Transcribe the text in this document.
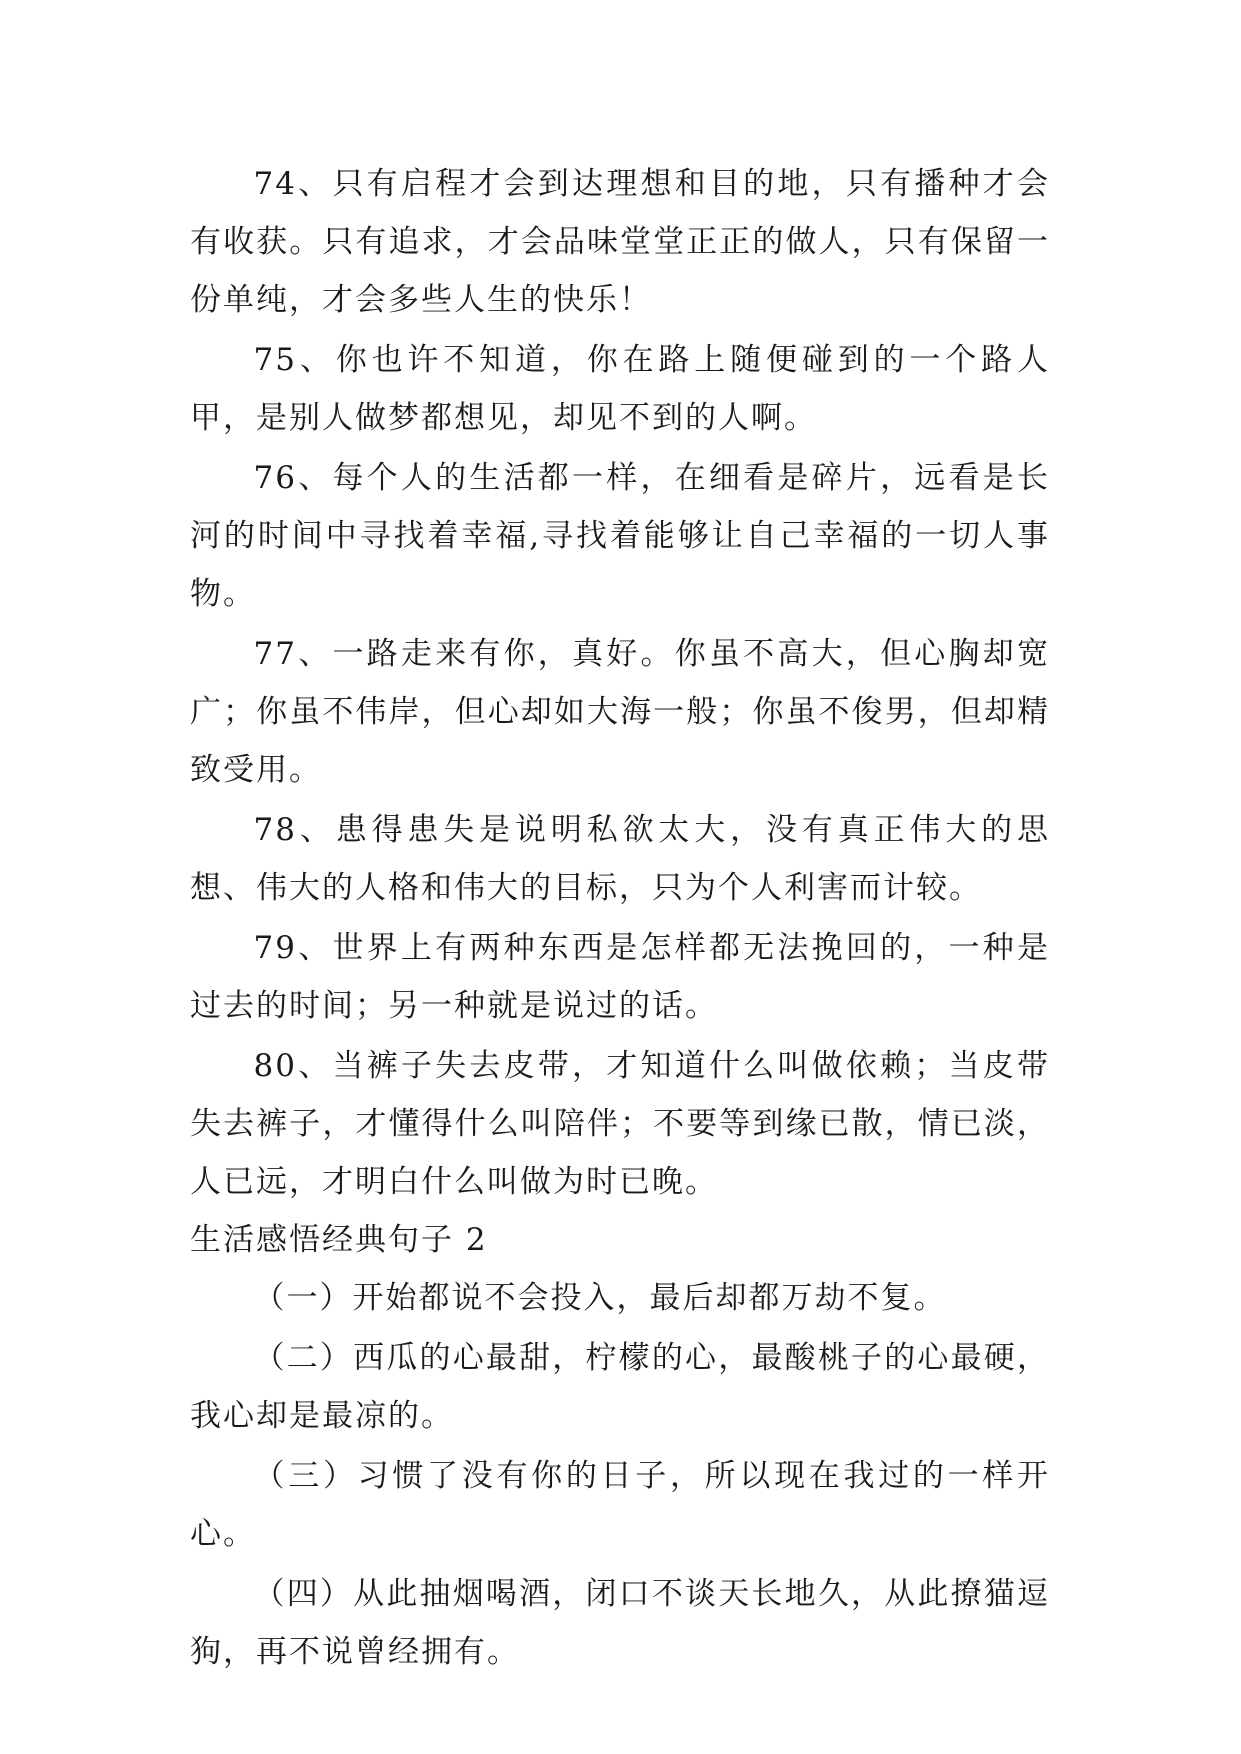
74、只有启程才会到达理想和目的地，只有播种才会有收获。只有追求，才会品味堂堂正正的做人，只有保留一份单纯，才会多些人生的快乐！

75、你也许不知道，你在路上随便碰到的一个路人甲，是别人做梦都想见，却见不到的人啊。

76、每个人的生活都一样，在细看是碎片，远看是长河的时间中寻找着幸福,寻找着能够让自己幸福的一切人事物。

77、一路走来有你，真好。你虽不高大，但心胸却宽广；你虽不伟岸，但心却如大海一般；你虽不俊男，但却精致受用。

78、患得患失是说明私欲太大，没有真正伟大的思想、伟大的人格和伟大的目标，只为个人利害而计较。

79、世界上有两种东西是怎样都无法挽回的，一种是过去的时间；另一种就是说过的话。

80、当裤子失去皮带，才知道什么叫做依赖；当皮带失去裤子，才懂得什么叫陪伴；不要等到缘已散，情已淡，人已远，才明白什么叫做为时已晚。

生活感悟经典句子 2

（一）开始都说不会投入，最后却都万劫不复。

（二）西瓜的心最甜，柠檬的心，最酸桃子的心最硬，我心却是最凉的。

（三）习惯了没有你的日子，所以现在我过的一样开心。

（四）从此抽烟喝酒，闭口不谈天长地久，从此撩猫逗狗，再不说曾经拥有。
